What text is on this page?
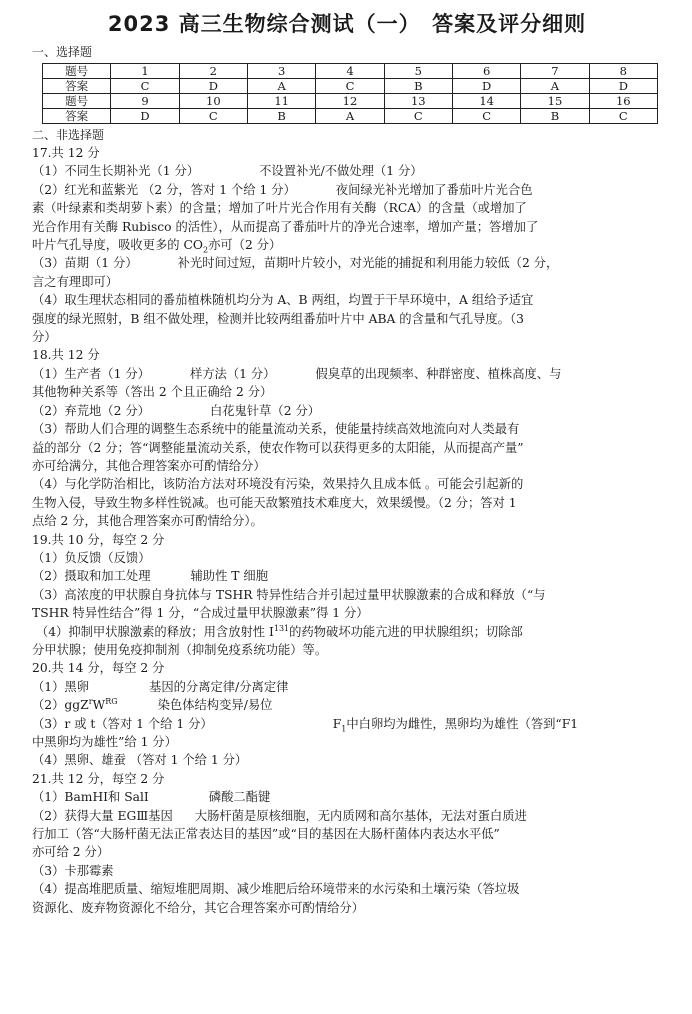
2023 高三生物综合测试（一）　答案及评分细则

一、选择题

题号	1	2	3	4	5	6	7	8
答案	C	D	A	C	B	D	A	D
题号	9	10	11	12	13	14	15	16
答案	D	C	B	A	C	C	B	C

二、非选择题

17.共 12 分

（1）不同生长期补光（1 分）	不设置补光/不做处理（1 分）

（2）红光和蓝紫光 （2 分，答对 1 个给 1 分）	夜间绿光补光增加了番茄叶片光合色

素（叶绿素和类胡萝卜素）的含量；增加了叶片光合作用有关酶（RCA）的含量（或增加了

光合作用有关酶 Rubisco 的活性），从而提高了番茄叶片的净光合速率，增加产量；答增加了

叶片气孔导度，吸收更多的 $CO_2$亦可（2 分）

（3）苗期（1 分）	补光时间过短，苗期叶片较小，对光能的捕捉和利用能力较低（2 分，

言之有理即可）

（4）取生理状态相同的番茄植株随机均分为 A、B 两组，均置于干旱环境中，A 组给予适宜

强度的绿光照射，B 组不做处理，检测并比较两组番茄叶片中 ABA 的含量和气孔导度。（3

分）

18.共 12 分

（1）生产者（1 分）	样方法（1 分）	假臭草的出现频率、种群密度、植株高度、与

其他物种关系等（答出 2 个且正确给 2 分）

（2）弃荒地（2 分）	白花鬼针草（2 分）

（3）帮助人们合理的调整生态系统中的能量流动关系，使能量持续高效地流向对人类最有

益的部分（2 分；答“调整能量流动关系，使农作物可以获得更多的太阳能，从而提高产量”

亦可给满分，其他合理答案亦可酌情给分）

（4）与化学防治相比，该防治方法对环境没有污染，效果持久且成本低 。可能会引起新的

生物入侵，导致生物多样性锐减。也可能天敌繁殖技术难度大，效果缓慢。（2 分；答对 1

点给 2 分，其他合理答案亦可酌情给分）。

19.共 10 分，每空 2 分

（1）负反馈（反馈）

（2）摄取和加工处理	辅助性 T 细胞

（3）高浓度的甲状腺自身抗体与 TSHR 特异性结合并引起过量甲状腺激素的合成和释放（“与

TSHR 特异性结合”得 1 分，“合成过量甲状腺激素”得 1 分）

（4）抑制甲状腺激素的释放；用含放射性 $I^{131}$的药物破坏功能亢进的甲状腺组织；切除部

分甲状腺；使用免疫抑制剂（抑制免疫系统功能）等。

20.共 14 分，每空 2 分

（1）黑卵	基因的分离定律/分离定律

$(2)ggZ^rW^{RG}$	染色体结构变异/易位

（3）r 或 t（答对 1 个给 1 分）	$F_1$中白卵均为雌性，黑卵均为雄性（答到“F1

中黑卵均为雄性”给 1 分）

（4）黑卵、雄蚕 （答对 1 个给 1 分）

21.共 12 分，每空 2 分

（1）BamHⅠ和 SalⅠ	磷酸二酯键

（2）获得大量 EGⅢ基因 大肠杆菌是原核细胞，无内质网和高尔基体，无法对蛋白质进

行加工（答“大肠杆菌无法正常表达目的基因”或“目的基因在大肠杆菌体内表达水平低”

亦可给 2 分）

（3）卡那霉素

（4）提高堆肥质量、缩短堆肥周期、减少堆肥后给环境带来的水污染和土壤污染（答垃圾

资源化、废弃物资源化不给分，其它合理答案亦可酌情给分）
